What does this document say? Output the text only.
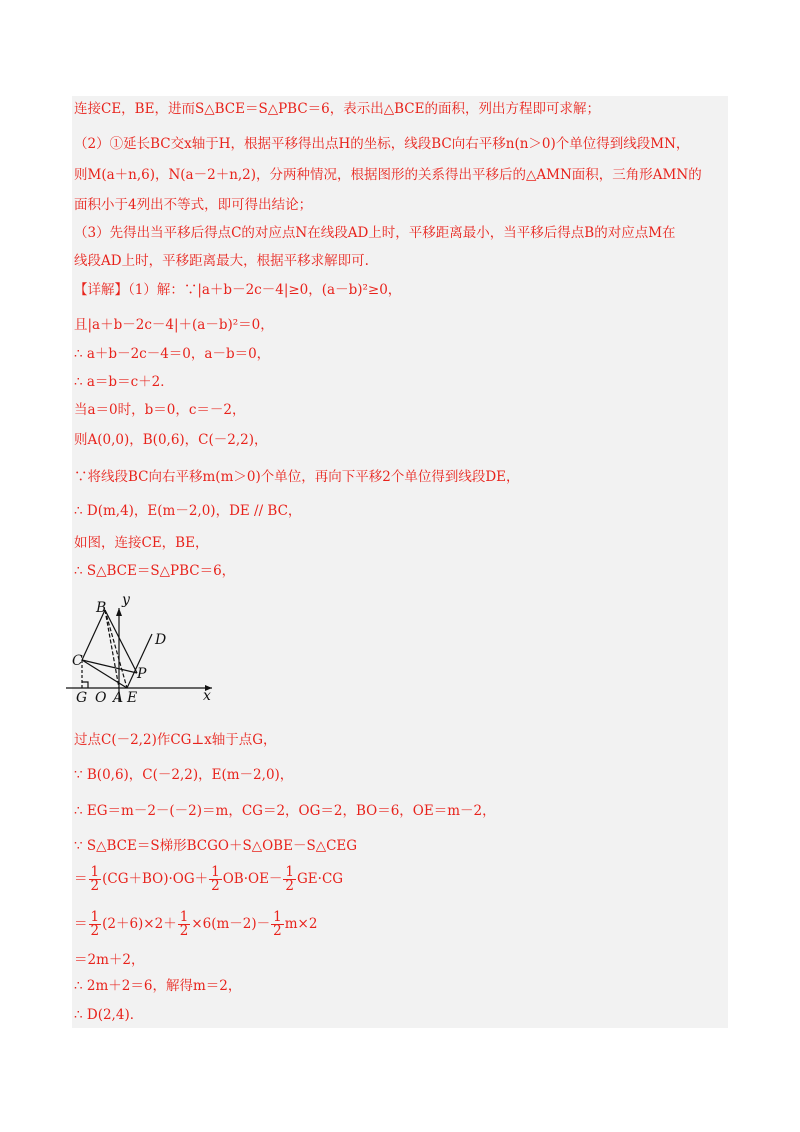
连接CE，BE，进而S△BCE＝S△PBC＝6，表示出△BCE的面积，列出方程即可求解；
（2）①延长BC交x轴于H，根据平移得出点H的坐标，线段BC向右平移n(n＞0)个单位得到线段MN，
则M(a＋n,6)，N(a－2＋n,2)，分两种情况，根据图形的关系得出平移后的△AMN面积，三角形AMN的
面积小于4列出不等式，即可得出结论；
（3）先得出当平移后得点C的对应点N在线段AD上时，平移距离最小，当平移后得点B的对应点M在
线段AD上时，平移距离最大，根据平移求解即可.
【详解】（1）解：∵|a＋b－2c－4|≥0，(a－b)²≥0，
且|a＋b－2c－4|＋(a－b)²＝0，
∴ a＋b－2c－4＝0，a－b＝0，
∴ a＝b＝c＋2．
当a＝0时，b＝0，c＝－2，
则A(0,0)，B(0,6)，C(－2,2)，
∵将线段BC向右平移m(m＞0)个单位，再向下平移2个单位得到线段DE，
∴ D(m,4)，E(m－2,0)，DE // BC，
如图，连接CE，BE，
∴ S△BCE＝S△PBC＝6，
B y
D
C
P
G O A E	x
过点C(－2,2)作CG⊥x轴于点G，
∵ B(0,6)，C(－2,2)，E(m－2,0)，
∴ EG＝m－2－(－2)＝m，CG＝2，OG＝2，BO＝6，OE＝m－2，
∵ S△BCE＝S梯形BCGO＋S△OBE－S△CEG
＝ $\frac{1}{2} (CG+BO)\cdot OG+ \frac{1}{2} OB\cdot OE- \frac{1}{2} GE\cdot CG$
＝ $\frac{1}{2} (2+6)\times 2+ \frac{1}{2} \times 6(m-2)- \frac{1}{2} m\times 2$
＝2m＋2，
∴ 2m＋2＝6，解得m＝2，
∴ D(2,4)．
